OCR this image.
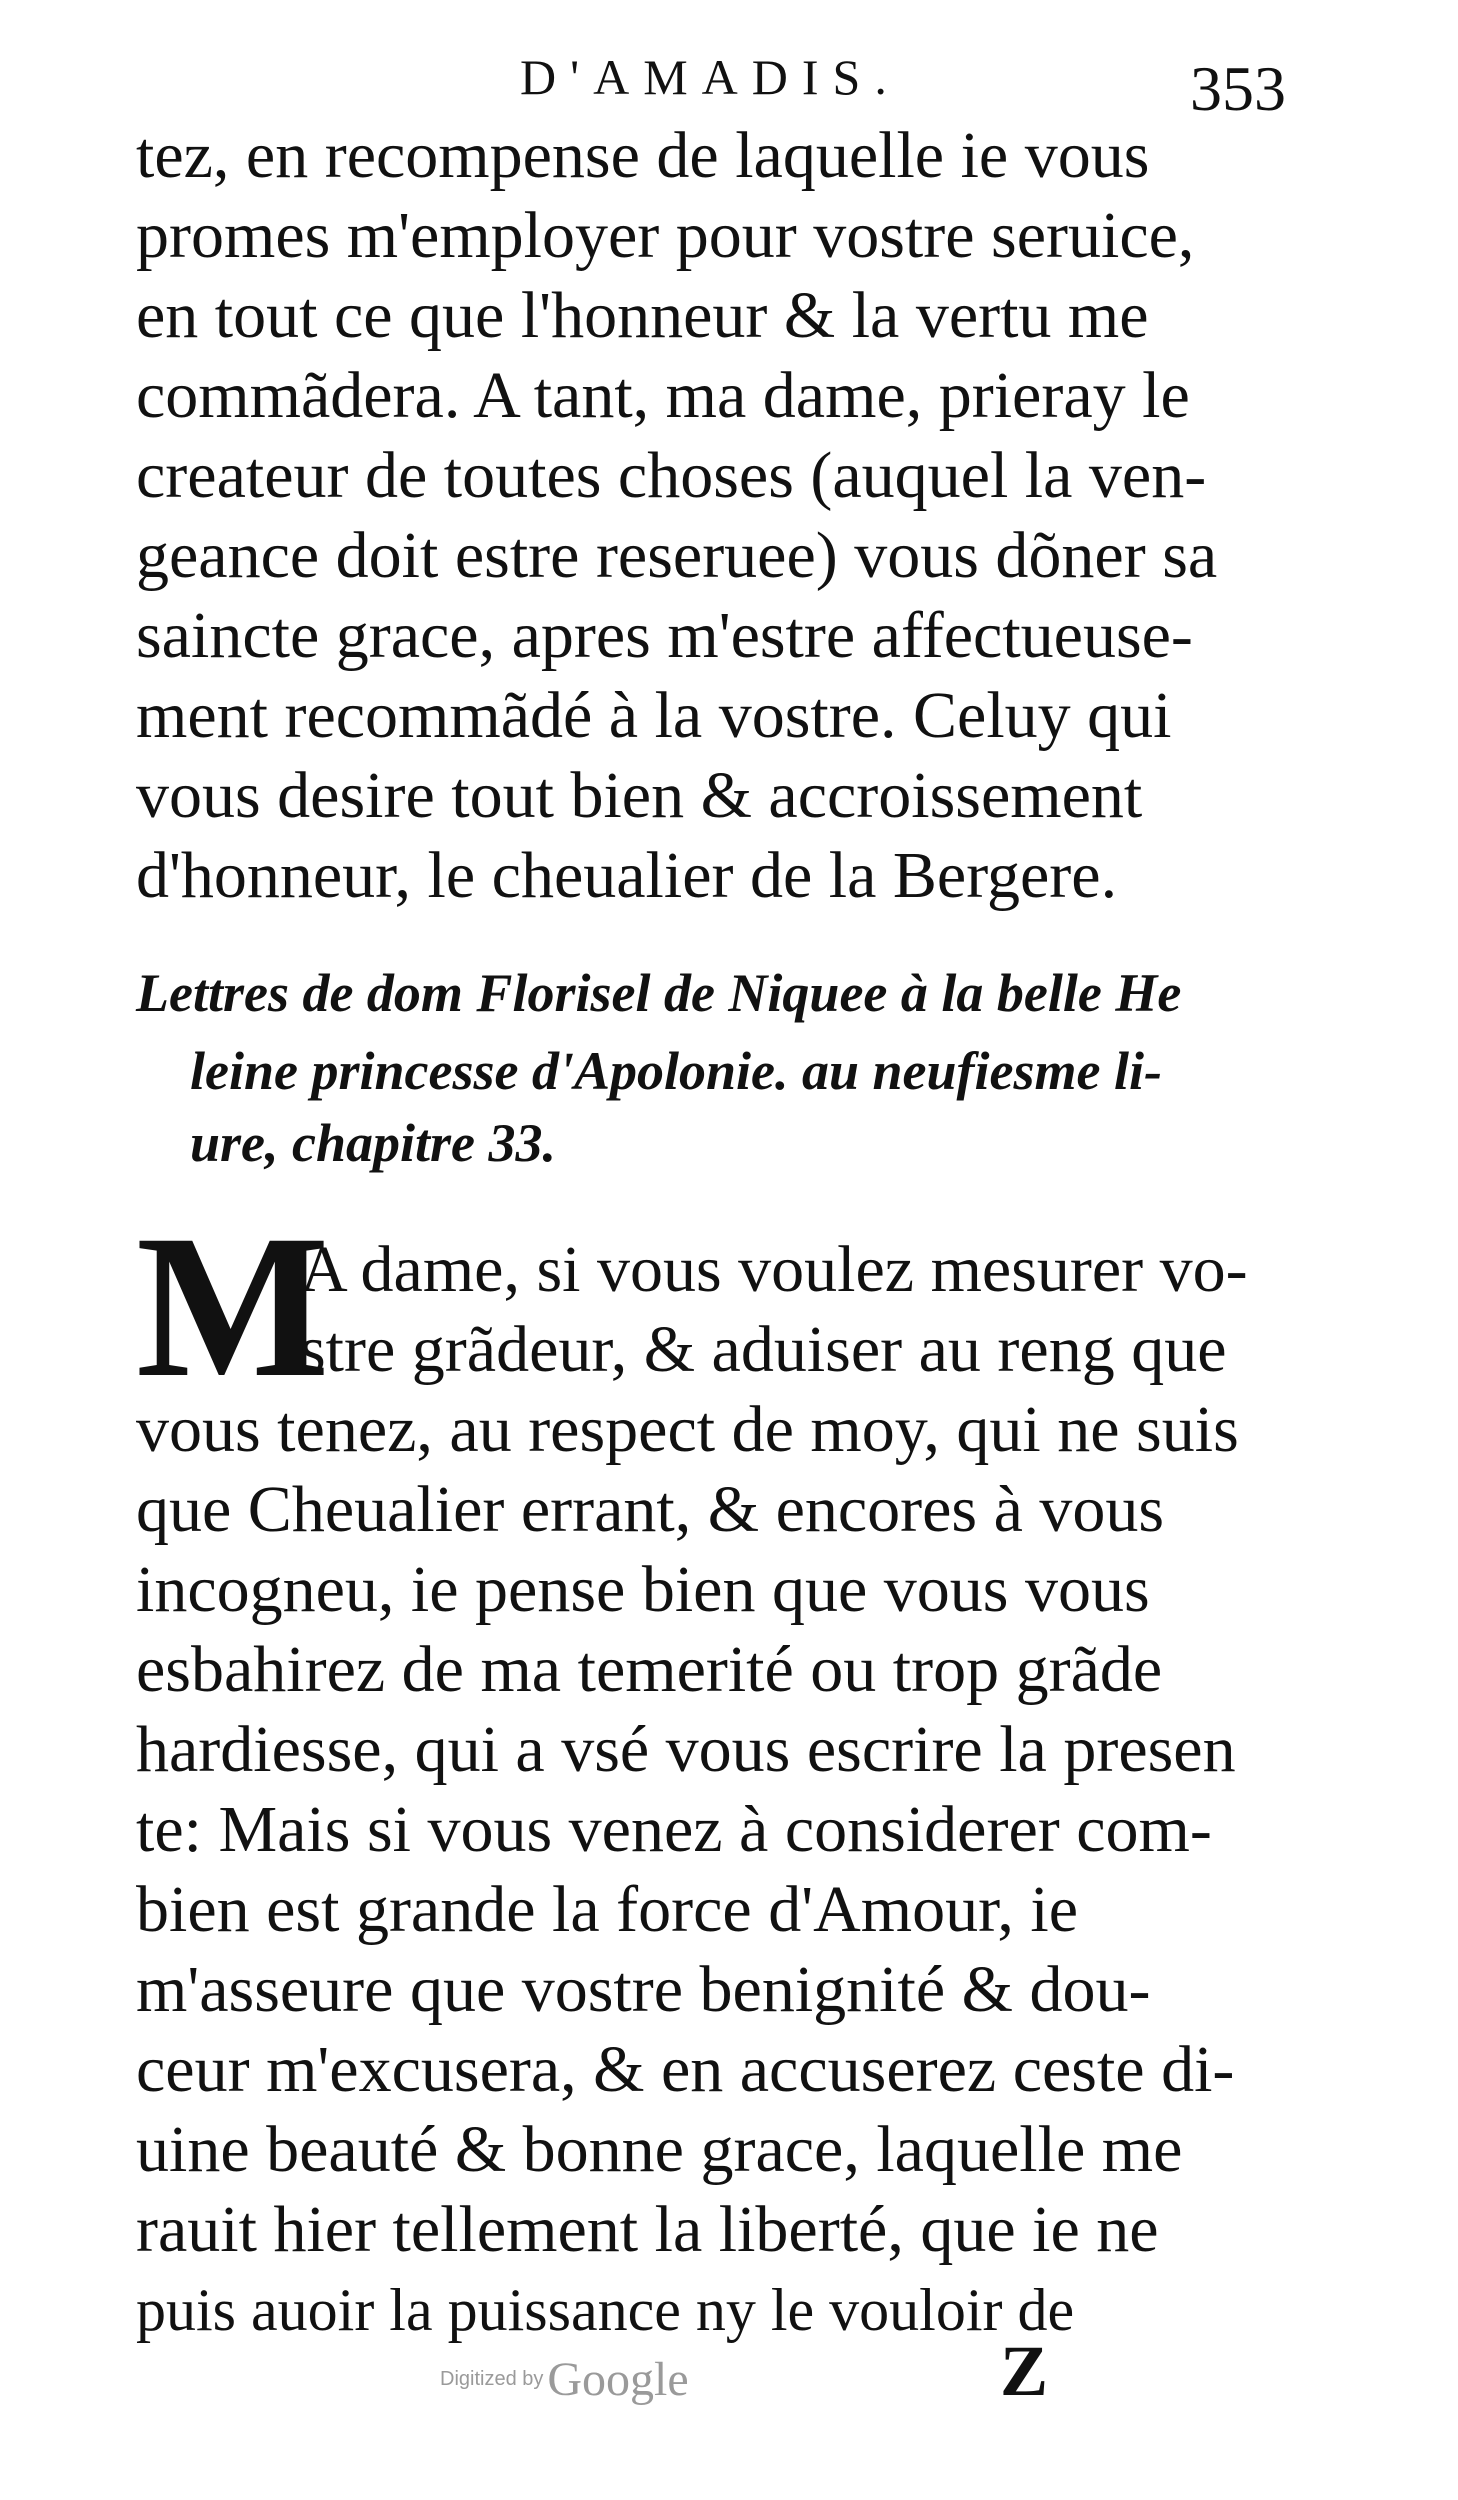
D'AMADIS.	353
tez, en recompense de laquelle ie vous
promes m'employer pour vostre seruice,
en tout ce que l'honneur & la vertu me
commãdera. A tant, ma dame, prieray le
createur de toutes choses (auquel la ven-
geance doit estre reseruee) vous dõner sa
saincte grace, apres m'estre affectueuse-
ment recommãdé à la vostre. Celuy qui
vous desire tout bien & accroissement
d'honneur, le cheualier de la Bergere.
Lettres de dom Florisel de Niquee à la belle He
leine princesse d'Apolonie. au neufiesme li-
ure, chapitre 33.
M
A dame, si vous voulez mesurer vo-
stre grãdeur, & aduiser au reng que
vous tenez, au respect de moy, qui ne suis
que Cheualier errant, & encores à vous
incogneu, ie pense bien que vous vous
esbahirez de ma temerité ou trop grãde
hardiesse, qui a vsé vous escrire la presen
te: Mais si vous venez à considerer com-
bien est grande la force d'Amour, ie
m'asseure que vostre benignité & dou-
ceur m'excusera, & en accuserez ceste di-
uine beauté & bonne grace, laquelle me
rauit hier tellement la liberté, que ie ne
puis auoir la puissance ny le vouloir de
Z
Digitized by Google
